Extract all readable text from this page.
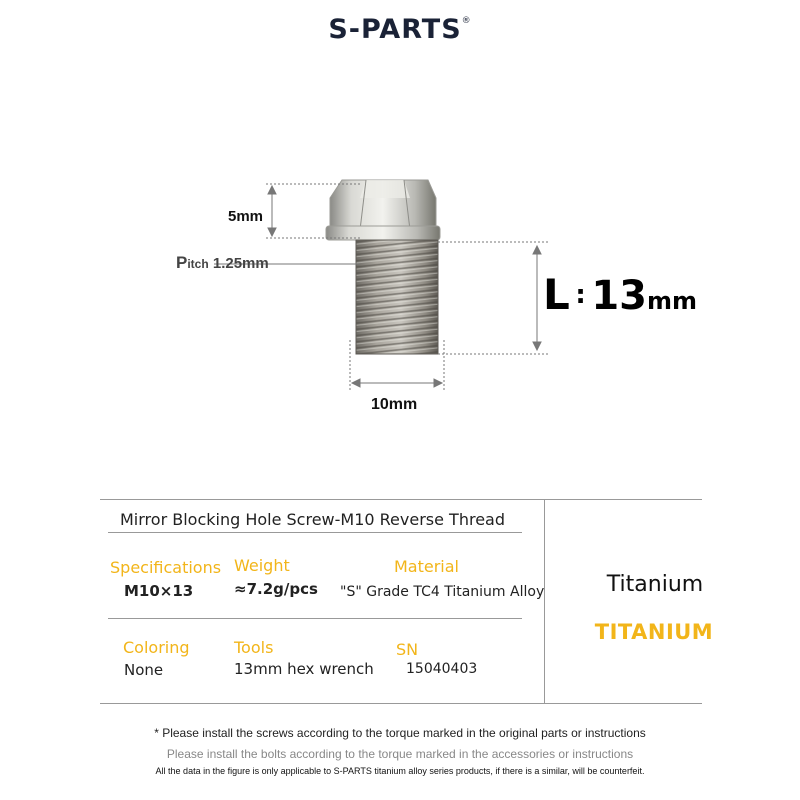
S-PARTS®
5mm
Pitch 1.25mm
10mm
L : 13mm
Mirror Blocking Hole Screw-M10 Reverse Thread
Specifications
M10×13
Weight
≈7.2g/pcs
Material
"S" Grade TC4 Titanium Alloy
Coloring
None
Tools
13mm hex wrench
SN
15040403
Titanium
TITANIUM
* Please install the screws according to the torque marked in the original parts or instructions
Please install the bolts according to the torque marked in the accessories or instructions
All the data in the figure is only applicable to S-PARTS titanium alloy series products, if there is a similar, will be counterfeit.
